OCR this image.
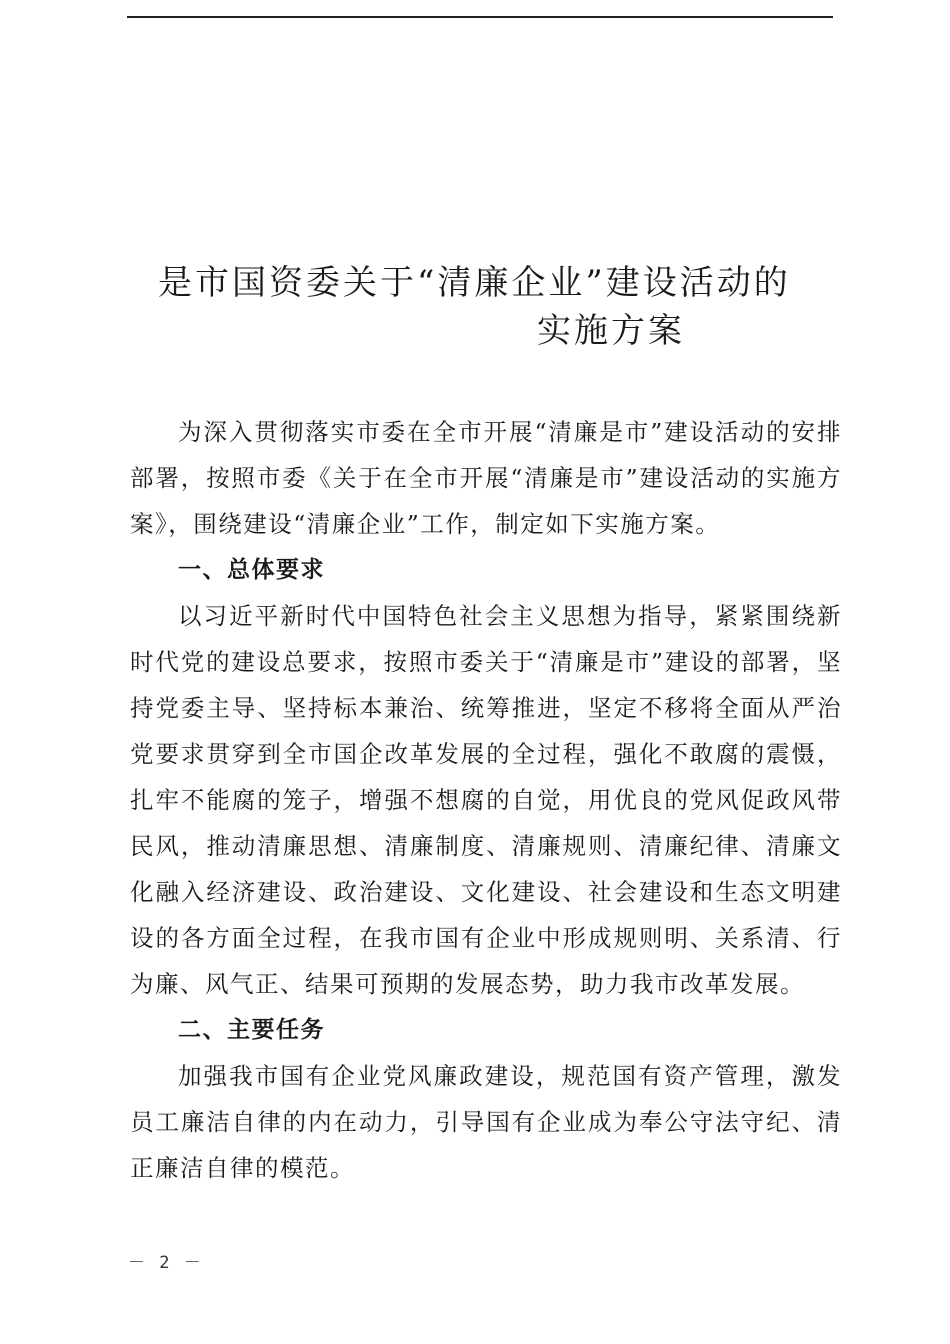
是市国资委关于“清廉企业”建设活动的
实施方案

为深入贯彻落实市委在全市开展“清廉是市”建设活动的安排部署，按照市委《关于在全市开展“清廉是市”建设活动的实施方案》，围绕建设“清廉企业”工作，制定如下实施方案。

一、总体要求

以习近平新时代中国特色社会主义思想为指导，紧紧围绕新时代党的建设总要求，按照市委关于“清廉是市”建设的部署，坚持党委主导、坚持标本兼治、统筹推进，坚定不移将全面从严治党要求贯穿到全市国企改革发展的全过程，强化不敢腐的震慑，扎牢不能腐的笼子，增强不想腐的自觉，用优良的党风促政风带民风，推动清廉思想、清廉制度、清廉规则、清廉纪律、清廉文化融入经济建设、政治建设、文化建设、社会建设和生态文明建设的各方面全过程，在我市国有企业中形成规则明、关系清、行为廉、风气正、结果可预期的发展态势，助力我市改革发展。

二、主要任务

加强我市国有企业党风廉政建设，规范国有资产管理，激发员工廉洁自律的内在动力，引导国有企业成为奉公守法守纪、清正廉洁自律的模范。

－ 2 －
